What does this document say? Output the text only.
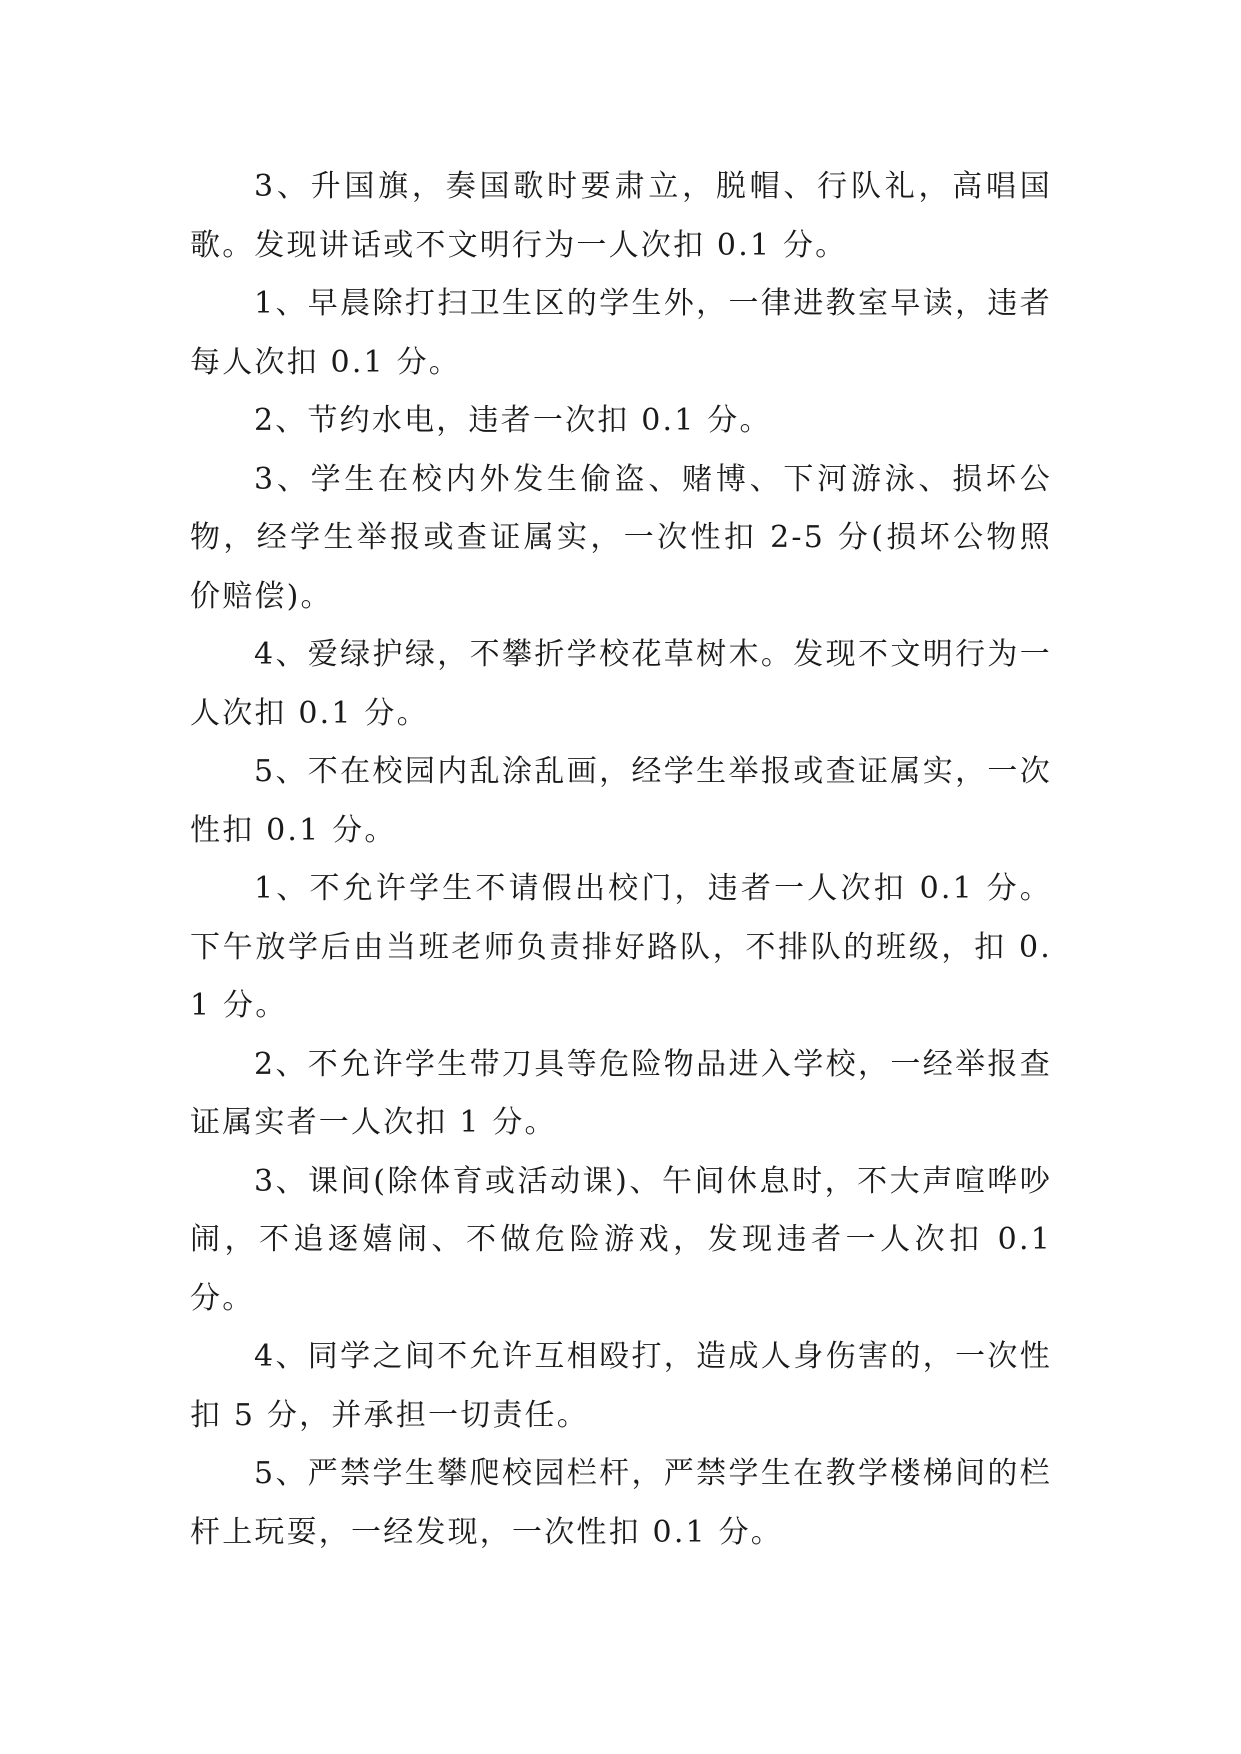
3、升国旗，奏国歌时要肃立，脱帽、行队礼，高唱国歌。发现讲话或不文明行为一人次扣 0.1 分。

1、早晨除打扫卫生区的学生外，一律进教室早读，违者每人次扣 0.1 分。

2、节约水电，违者一次扣 0.1 分。

3、学生在校内外发生偷盗、赌博、下河游泳、损坏公物，经学生举报或查证属实，一次性扣 2-5 分(损坏公物照价赔偿)。

4、爱绿护绿，不攀折学校花草树木。发现不文明行为一人次扣 0.1 分。

5、不在校园内乱涂乱画，经学生举报或查证属实，一次性扣 0.1 分。

1、不允许学生不请假出校门，违者一人次扣 0.1 分。下午放学后由当班老师负责排好路队，不排队的班级，扣 0.1 分。

2、不允许学生带刀具等危险物品进入学校，一经举报查证属实者一人次扣 1 分。

3、课间(除体育或活动课)、午间休息时，不大声喧哗吵闹，不追逐嬉闹、不做危险游戏，发现违者一人次扣 0.1 分。

4、同学之间不允许互相殴打，造成人身伤害的，一次性扣 5 分，并承担一切责任。

5、严禁学生攀爬校园栏杆，严禁学生在教学楼梯间的栏杆上玩耍，一经发现，一次性扣 0.1 分。
